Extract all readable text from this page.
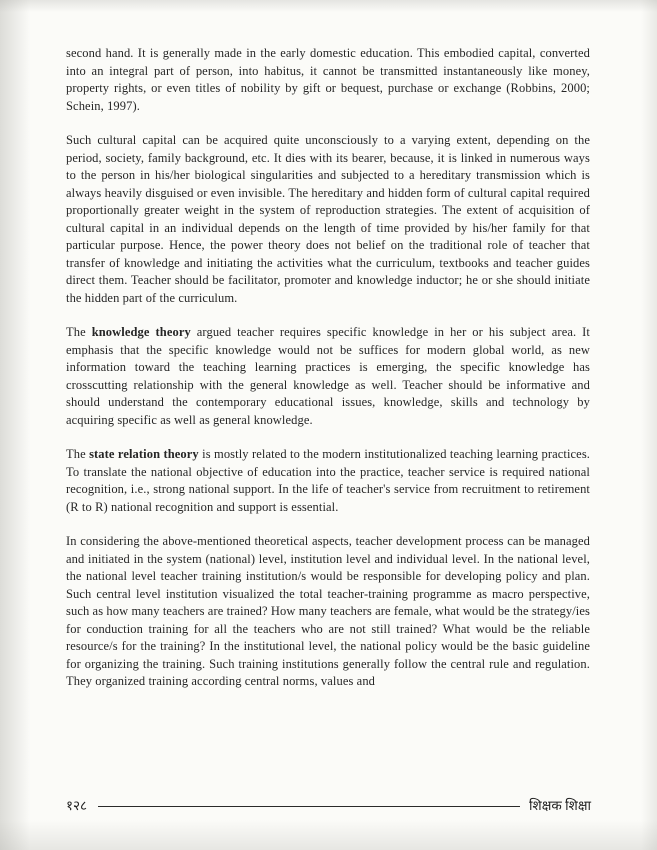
second hand. It is generally made in the early domestic education. This embodied capital, converted into an integral part of person, into habitus, it cannot be transmitted instantaneously like money, property rights, or even titles of nobility by gift or bequest, purchase or exchange (Robbins, 2000; Schein, 1997).

Such cultural capital can be acquired quite unconsciously to a varying extent, depending on the period, society, family background, etc. It dies with its bearer, because, it is linked in numerous ways to the person in his/her biological singularities and subjected to a hereditary transmission which is always heavily disguised or even invisible. The hereditary and hidden form of cultural capital required proportionally greater weight in the system of reproduction strategies. The extent of acquisition of cultural capital in an individual depends on the length of time provided by his/her family for that particular purpose. Hence, the power theory does not belief on the traditional role of teacher that transfer of knowledge and initiating the activities what the curriculum, textbooks and teacher guides direct them. Teacher should be facilitator, promoter and knowledge inductor; he or she should initiate the hidden part of the curriculum.

The knowledge theory argued teacher requires specific knowledge in her or his subject area. It emphasis that the specific knowledge would not be suffices for modern global world, as new information toward the teaching learning practices is emerging, the specific knowledge has crosscutting relationship with the general knowledge as well. Teacher should be informative and should understand the contemporary educational issues, knowledge, skills and technology by acquiring specific as well as general knowledge.

The state relation theory is mostly related to the modern institutionalized teaching learning practices. To translate the national objective of education into the practice, teacher service is required national recognition, i.e., strong national support. In the life of teacher's service from recruitment to retirement (R to R) national recognition and support is essential.

In considering the above-mentioned theoretical aspects, teacher development process can be managed and initiated in the system (national) level, institution level and individual level. In the national level, the national level teacher training institution/s would be responsible for developing policy and plan. Such central level institution visualized the total teacher-training programme as macro perspective, such as how many teachers are trained? How many teachers are female, what would be the strategy/ies for conduction training for all the teachers who are not still trained? What would be the reliable resource/s for the training? In the institutional level, the national policy would be the basic guideline for organizing the training. Such training institutions generally follow the central rule and regulation. They organized training according central norms, values and

१२८	शिक्षक शिक्षा
